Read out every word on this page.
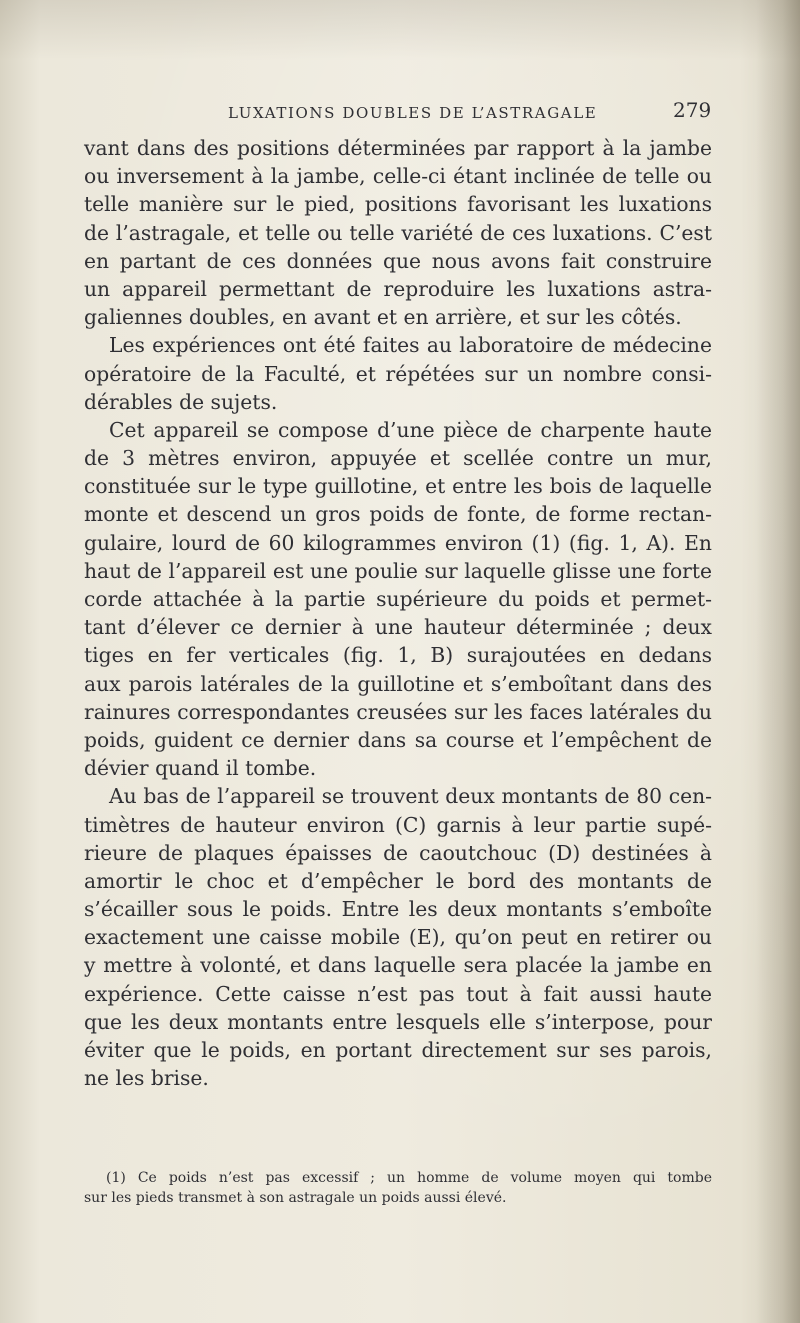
LUXATIONS DOUBLES DE L’ASTRAGALE	279
vant dans des positions déterminées par rapport à la jambe
ou inversement à la jambe, celle-ci étant inclinée de telle ou
telle manière sur le pied, positions favorisant les luxations
de l’astragale, et telle ou telle variété de ces luxations. C’est
en partant de ces données que nous avons fait construire
un appareil permettant de reproduire les luxations astra-
galiennes doubles, en avant et en arrière, et sur les côtés.
Les expériences ont été faites au laboratoire de médecine
opératoire de la Faculté, et répétées sur un nombre consi-
dérables de sujets.
Cet appareil se compose d’une pièce de charpente haute
de 3 mètres environ, appuyée et scellée contre un mur,
constituée sur le type guillotine, et entre les bois de laquelle
monte et descend un gros poids de fonte, de forme rectan-
gulaire, lourd de 60 kilogrammes environ (1) (fig. 1, A). En
haut de l’appareil est une poulie sur laquelle glisse une forte
corde attachée à la partie supérieure du poids et permet-
tant d’élever ce dernier à une hauteur déterminée ; deux
tiges en fer verticales (fig. 1, B) surajoutées en dedans
aux parois latérales de la guillotine et s’emboîtant dans des
rainures correspondantes creusées sur les faces latérales du
poids, guident ce dernier dans sa course et l’empêchent de
dévier quand il tombe.
Au bas de l’appareil se trouvent deux montants de 80 cen-
timètres de hauteur environ (C) garnis à leur partie supé-
rieure de plaques épaisses de caoutchouc (D) destinées à
amortir le choc et d’empêcher le bord des montants de
s’écailler sous le poids. Entre les deux montants s’emboîte
exactement une caisse mobile (E), qu’on peut en retirer ou
y mettre à volonté, et dans laquelle sera placée la jambe en
expérience. Cette caisse n’est pas tout à fait aussi haute
que les deux montants entre lesquels elle s’interpose, pour
éviter que le poids, en portant directement sur ses parois,
ne les brise.
(1) Ce poids n’est pas excessif ; un homme de volume moyen qui tombe
sur les pieds transmet à son astragale un poids aussi élevé.
